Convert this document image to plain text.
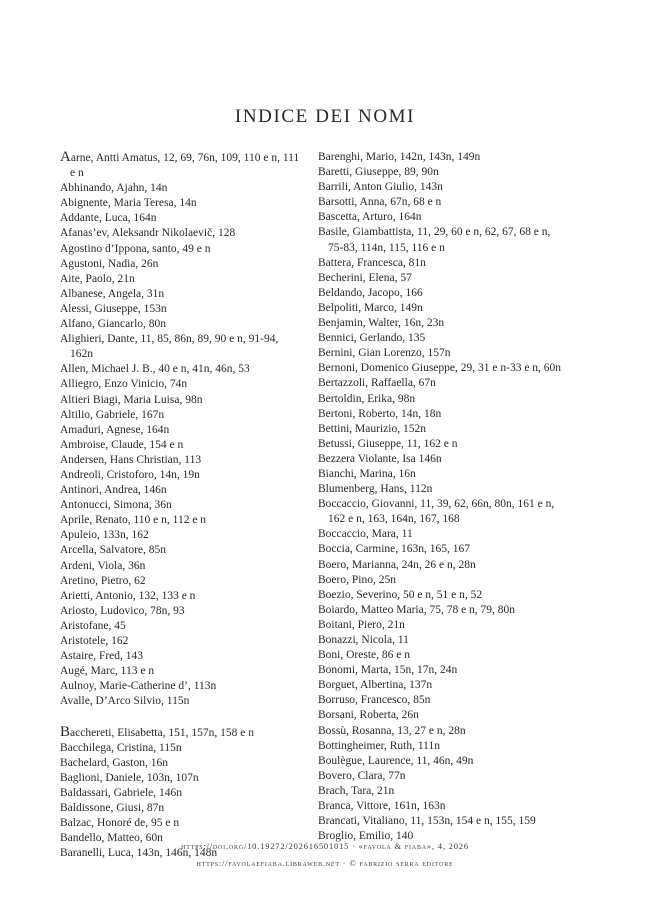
INDICE DEI NOMI
Aarne, Antti Amatus, 12, 69, 76n, 109, 110 e n, 111 e n
Abhinando, Ajahn, 14n
Abignente, Maria Teresa, 14n
Addante, Luca, 164n
Afanas’ev, Aleksandr Nikolaevič, 128
Agostino d’Ippona, santo, 49 e n
Agustoni, Nadia, 26n
Aite, Paolo, 21n
Albanese, Angela, 31n
Alessi, Giuseppe, 153n
Alfano, Giancarlo, 80n
Alighieri, Dante, 11, 85, 86n, 89, 90 e n, 91-94, 162n
Allen, Michael J. B., 40 e n, 41n, 46n, 53
Alliegro, Enzo Vinicio, 74n
Altieri Biagi, Maria Luisa, 98n
Altilio, Gabriele, 167n
Amaduri, Agnese, 164n
Ambroise, Claude, 154 e n
Andersen, Hans Christian, 113
Andreoli, Cristoforo, 14n, 19n
Antinori, Andrea, 146n
Antonucci, Simona, 36n
Aprile, Renato, 110 e n, 112 e n
Apuleio, 133n, 162
Arcella, Salvatore, 85n
Ardeni, Viola, 36n
Aretino, Pietro, 62
Arietti, Antonio, 132, 133 e n
Ariosto, Ludovico, 78n, 93
Aristofane, 45
Aristotele, 162
Astaire, Fred, 143
Augé, Marc, 113 e n
Aulnoy, Marie-Catherine d’, 113n
Avalle, D’Arco Silvio, 115n
Bacchereti, Elisabetta, 151, 157n, 158 e n
Bacchilega, Cristina, 115n
Bachelard, Gaston, 16n
Baglioni, Daniele, 103n, 107n
Baldassari, Gabriele, 146n
Baldissone, Giusi, 87n
Balzac, Honoré de, 95 e n
Bandello, Matteo, 60n
Baranelli, Luca, 143n, 146n, 148n
Barenghi, Mario, 142n, 143n, 149n
Baretti, Giuseppe, 89, 90n
Barrili, Anton Giulio, 143n
Barsotti, Anna, 67n, 68 e n
Bascetta, Arturo, 164n
Basile, Giambattista, 11, 29, 60 e n, 62, 67, 68 e n, 75-83, 114n, 115, 116 e n
Battera, Francesca, 81n
Becherini, Elena, 57
Beldando, Jacopo, 166
Belpoliti, Marco, 149n
Benjamin, Walter, 16n, 23n
Bennici, Gerlando, 135
Bernini, Gian Lorenzo, 157n
Bernoni, Domenico Giuseppe, 29, 31 e n-33 e n, 60n
Bertazzoli, Raffaella, 67n
Bertoldin, Erika, 98n
Bertoni, Roberto, 14n, 18n
Bettini, Maurizio, 152n
Betussi, Giuseppe, 11, 162 e n
Bezzera Violante, Isa 146n
Bianchi, Marina, 16n
Blumenberg, Hans, 112n
Boccaccio, Giovanni, 11, 39, 62, 66n, 80n, 161 e n, 162 e n, 163, 164n, 167, 168
Boccaccio, Mara, 11
Boccia, Carmine, 163n, 165, 167
Boero, Marianna, 24n, 26 e n, 28n
Boero, Pino, 25n
Boezio, Severino, 50 e n, 51 e n, 52
Boiardo, Matteo Maria, 75, 78 e n, 79, 80n
Boitani, Piero, 21n
Bonazzi, Nicola, 11
Boni, Oreste, 86 e n
Bonomi, Marta, 15n, 17n, 24n
Borguet, Albertina, 137n
Borruso, Francesco, 85n
Borsani, Roberta, 26n
Bossù, Rosanna, 13, 27 e n, 28n
Bottingheimer, Ruth, 111n
Boulègue, Laurence, 11, 46n, 49n
Bovero, Clara, 77n
Brach, Tara, 21n
Branca, Vittore, 161n, 163n
Brancati, Vitaliano, 11, 153n, 154 e n, 155, 159
Broglio, Emilio, 140
https://doi.org/10.19272/202616501015 · «favola & fiaba», 4, 2026
https://favolaefiaba.libraweb.net · © fabrizio serra editore
